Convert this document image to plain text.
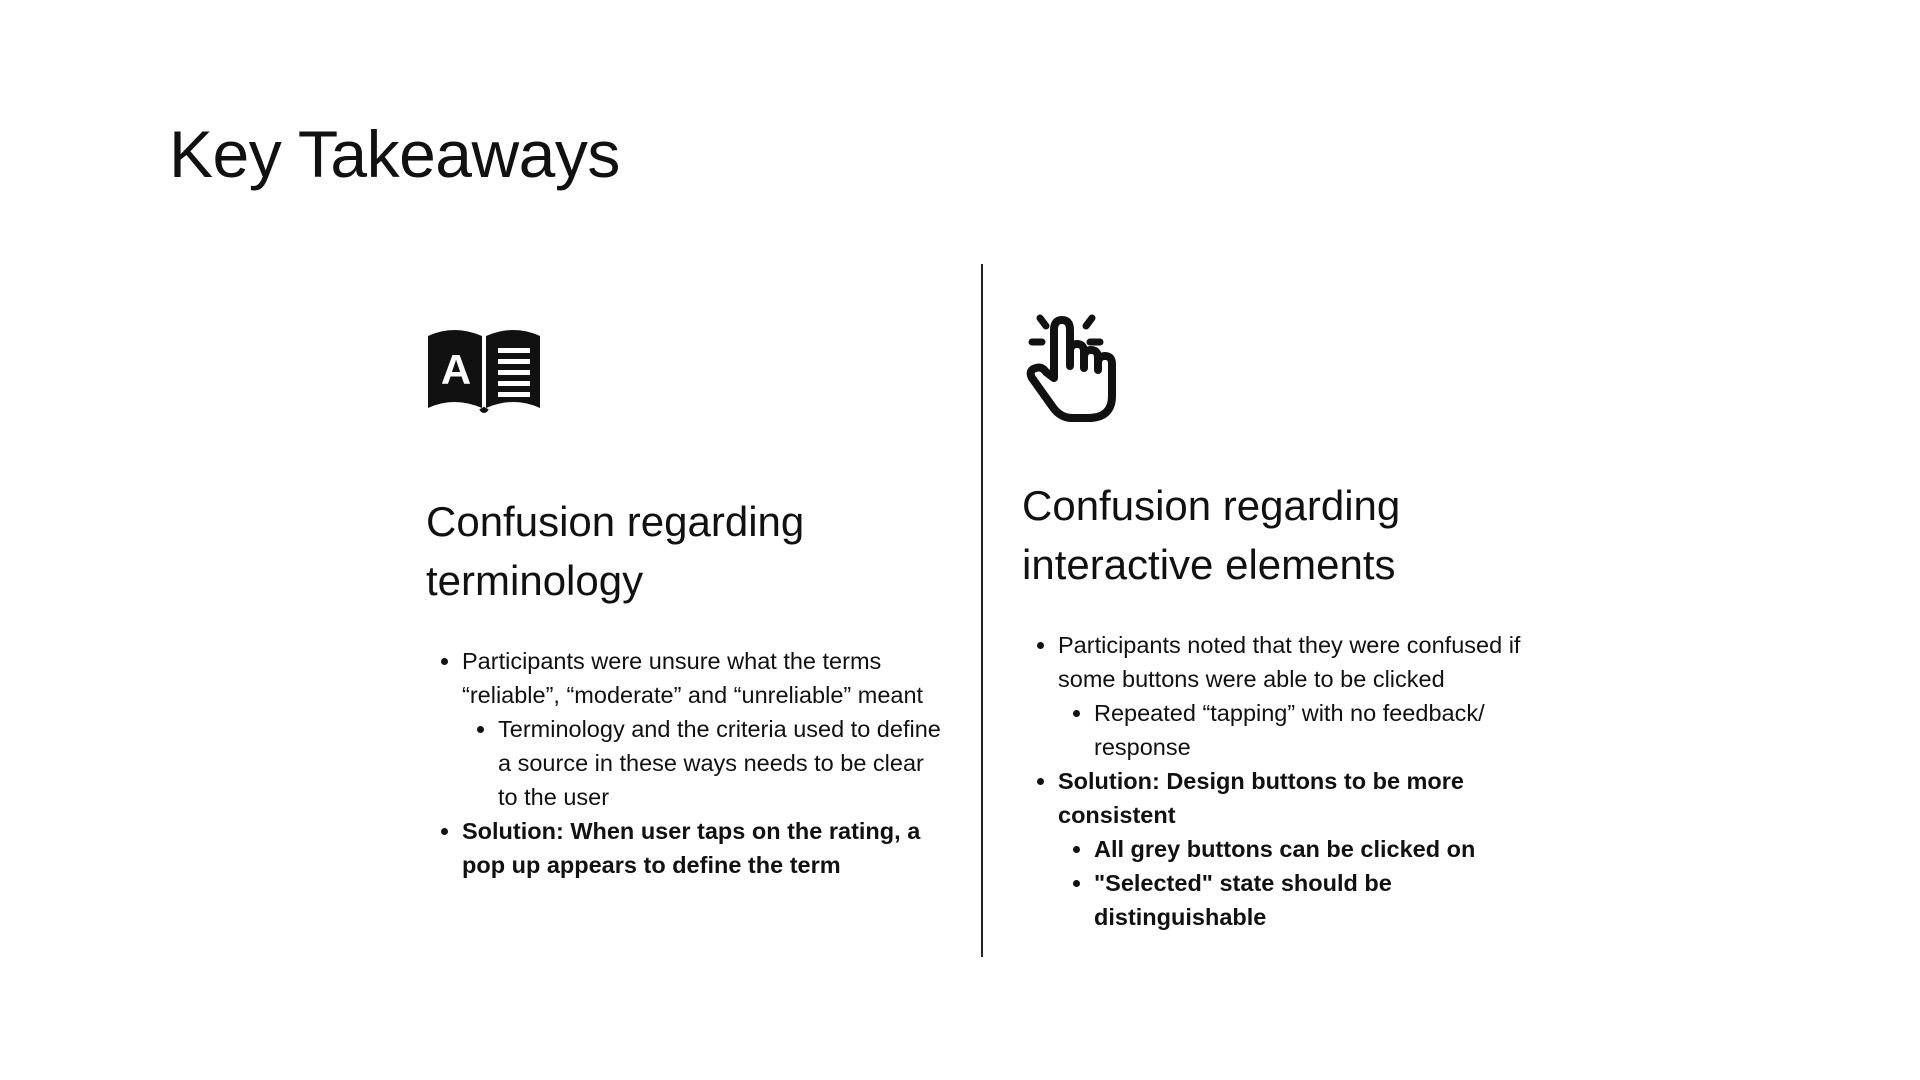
Key Takeaways
A
Confusion regarding
terminology
• Participants were unsure what the terms “reliable”, “moderate” and “unreliable” meant
• Terminology and the criteria used to define a source in these ways needs to be clear to the user
• Solution: When user taps on the rating, a pop up appears to define the term
Confusion regarding
interactive elements
• Participants noted that they were confused if some buttons were able to be clicked
• Repeated “tapping” with no feedback/ response
• Solution: Design buttons to be more consistent
• All grey buttons can be clicked on
• "Selected" state should be distinguishable
